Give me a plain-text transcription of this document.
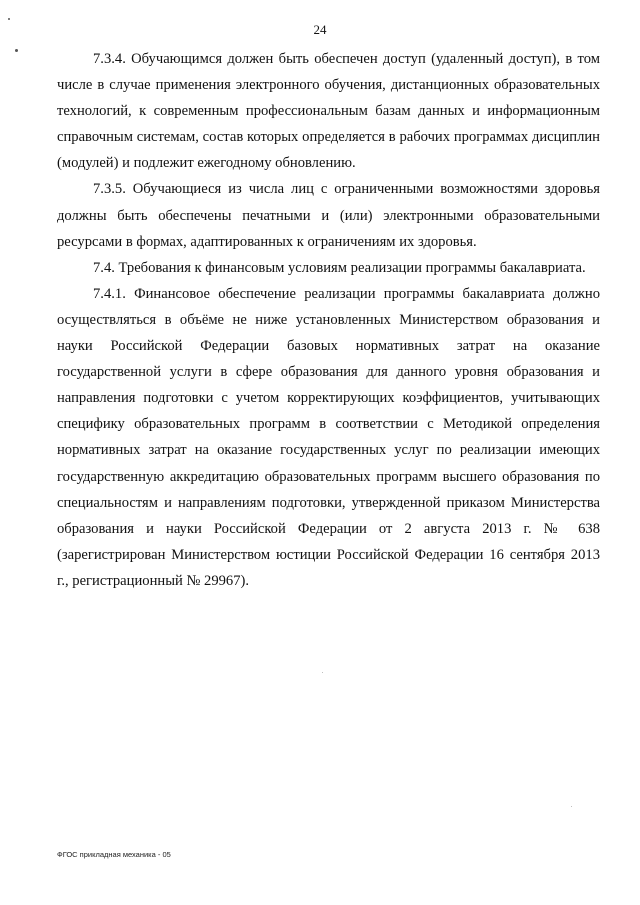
24

7.3.4. Обучающимся должен быть обеспечен доступ (удаленный доступ), в том числе в случае применения электронного обучения, дистанционных образовательных технологий, к современным профессиональным базам данных и информационным справочным системам, состав которых определяется в рабочих программах дисциплин (модулей) и подлежит ежегодному обновлению.

7.3.5. Обучающиеся из числа лиц с ограниченными возможностями здоровья должны быть обеспечены печатными и (или) электронными образовательными ресурсами в формах, адаптированных к ограничениям их здоровья.

7.4. Требования к финансовым условиям реализации программы бакалавриата.

7.4.1. Финансовое обеспечение реализации программы бакалавриата должно осуществляться в объёме не ниже установленных Министерством образования и науки Российской Федерации базовых нормативных затрат на оказание государственной услуги в сфере образования для данного уровня образования и направления подготовки с учетом корректирующих коэффициентов, учитывающих специфику образовательных программ в соответствии с Методикой определения нормативных затрат на оказание государственных услуг по реализации имеющих государственную аккредитацию образовательных программ высшего образования по специальностям и направлениям подготовки, утвержденной приказом Министерства образования и науки Российской Федерации от 2 августа 2013 г. № 638 (зарегистрирован Министерством юстиции Российской Федерации 16 сентября 2013 г., регистрационный № 29967).

ФГОС прикладная механика - 05
